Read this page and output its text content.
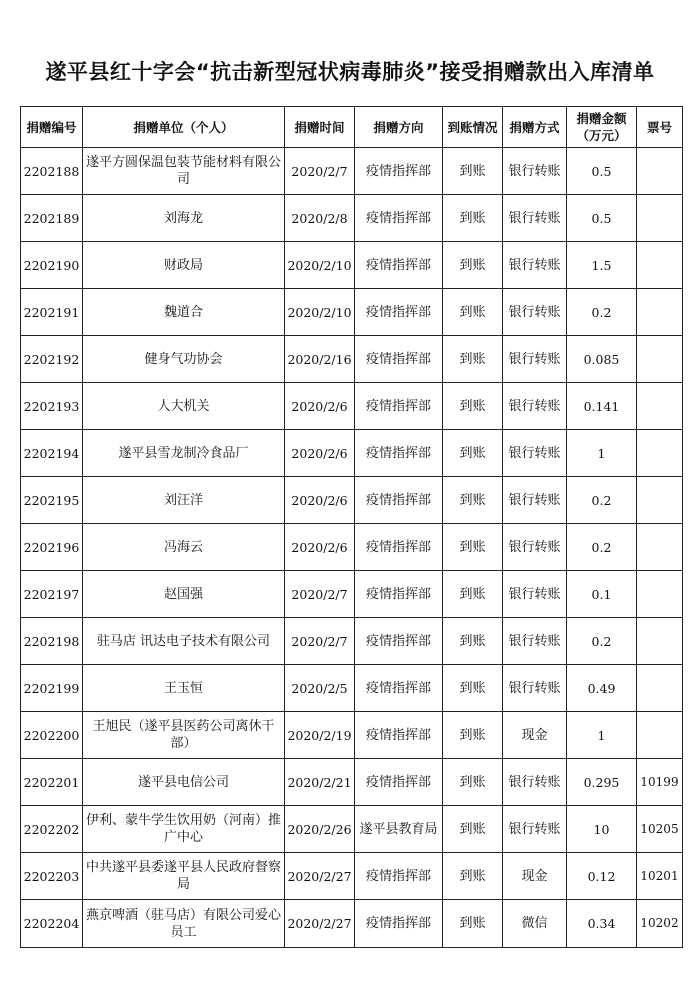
遂平县红十字会“抗击新型冠状病毒肺炎”接受捐赠款出入库清单
捐赠编号	捐赠单位（个人）	捐赠时间	捐赠方向	到账情况	捐赠方式	捐赠金额（万元）	票号
2202188	遂平方圆保温包装节能材料有限公司	2020/2/7	疫情指挥部	到账	银行转账	0.5	
2202189	刘海龙	2020/2/8	疫情指挥部	到账	银行转账	0.5	
2202190	财政局	2020/2/10	疫情指挥部	到账	银行转账	1.5	
2202191	魏道合	2020/2/10	疫情指挥部	到账	银行转账	0.2	
2202192	健身气功协会	2020/2/16	疫情指挥部	到账	银行转账	0.085	
2202193	人大机关	2020/2/6	疫情指挥部	到账	银行转账	0.141	
2202194	遂平县雪龙制冷食品厂	2020/2/6	疫情指挥部	到账	银行转账	1	
2202195	刘汪洋	2020/2/6	疫情指挥部	到账	银行转账	0.2	
2202196	冯海云	2020/2/6	疫情指挥部	到账	银行转账	0.2	
2202197	赵国强	2020/2/7	疫情指挥部	到账	银行转账	0.1	
2202198	驻马店 讯达电子技术有限公司	2020/2/7	疫情指挥部	到账	银行转账	0.2	
2202199	王玉恒	2020/2/5	疫情指挥部	到账	银行转账	0.49	
2202200	王旭民（遂平县医药公司离休干部）	2020/2/19	疫情指挥部	到账	现金	1	
2202201	遂平县电信公司	2020/2/21	疫情指挥部	到账	银行转账	0.295	10199
2202202	伊利、蒙牛学生饮用奶（河南）推广中心	2020/2/26	遂平县教育局	到账	银行转账	10	10205
2202203	中共遂平县委遂平县人民政府督察局	2020/2/27	疫情指挥部	到账	现金	0.12	10201
2202204	燕京啤酒（驻马店）有限公司爱心员工	2020/2/27	疫情指挥部	到账	微信	0.34	10202
